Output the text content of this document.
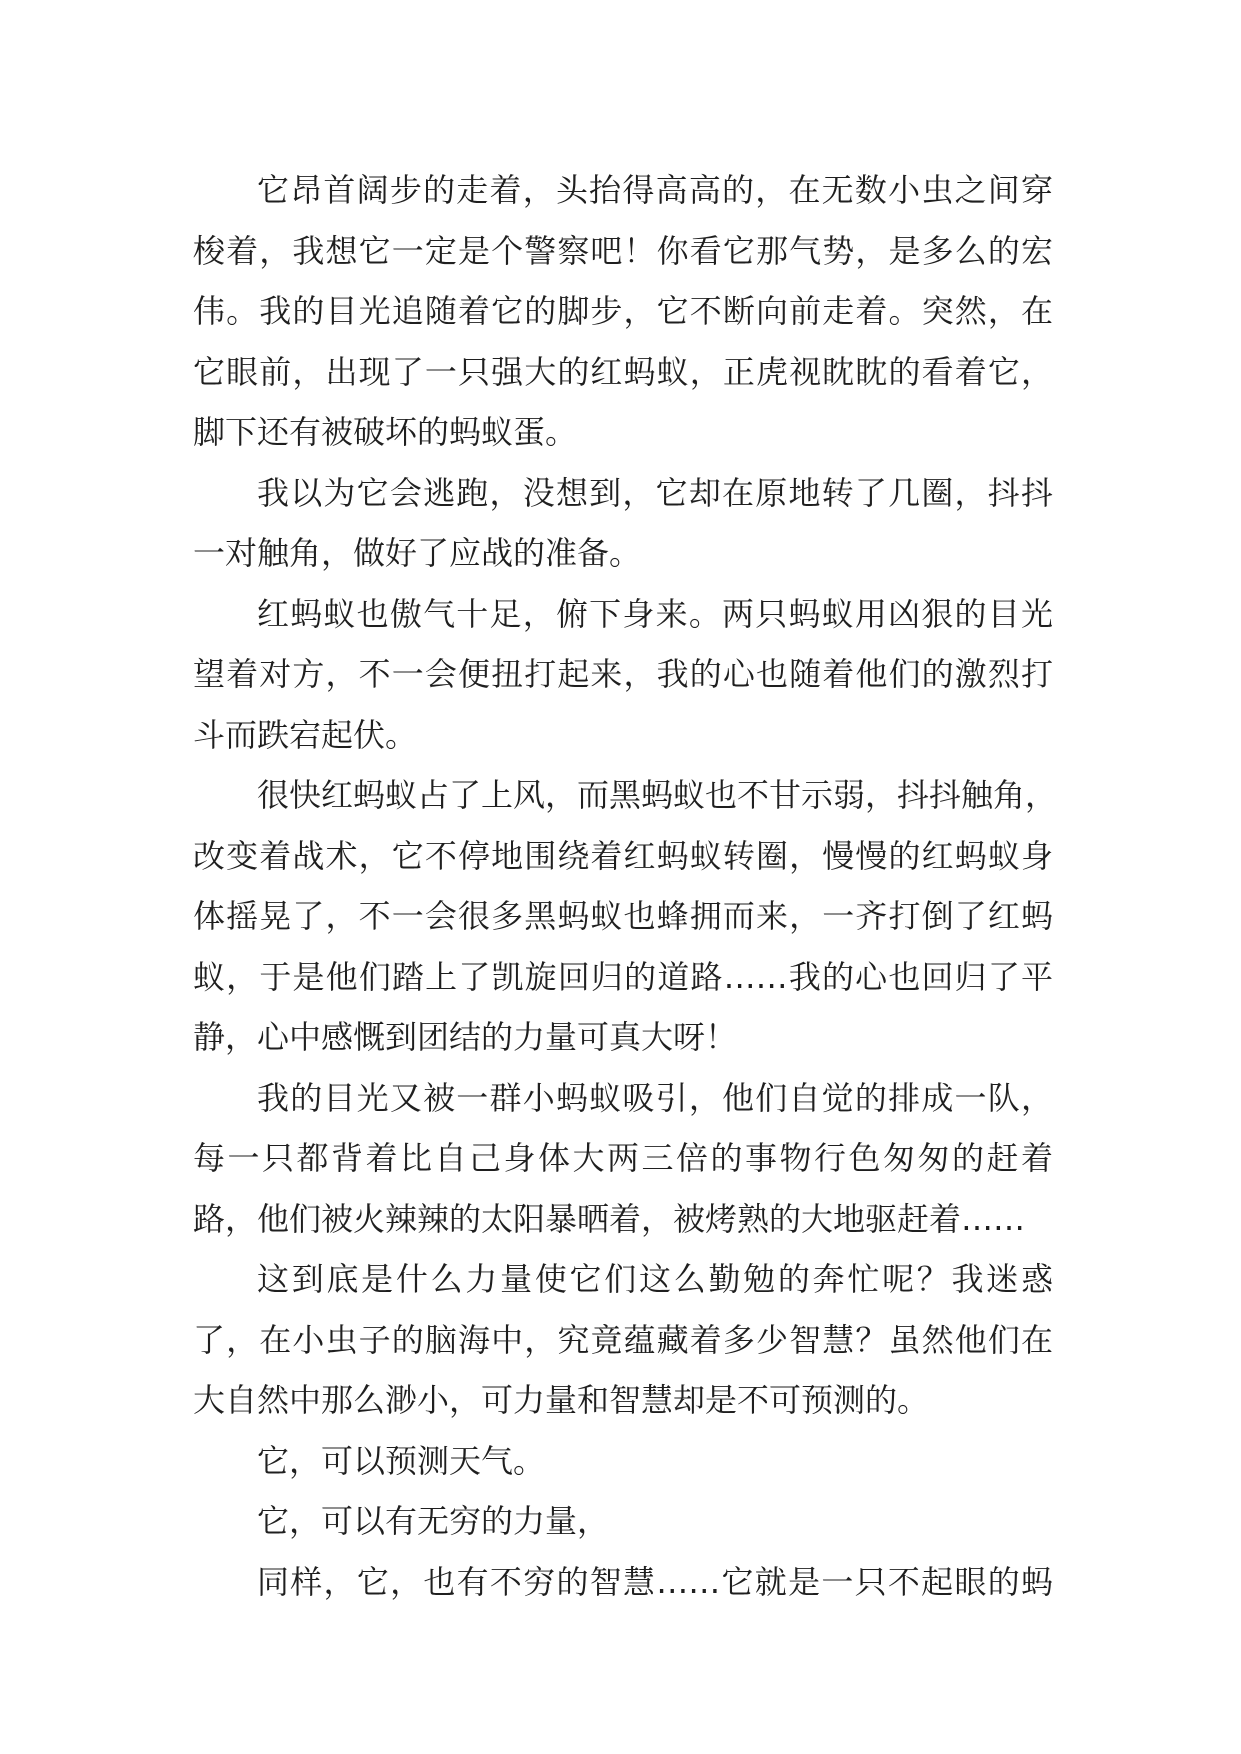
它昂首阔步的走着，头抬得高高的，在无数小虫之间穿
梭着，我想它一定是个警察吧！你看它那气势，是多么的宏
伟。我的目光追随着它的脚步，它不断向前走着。突然，在
它眼前，出现了一只强大的红蚂蚁，正虎视眈眈的看着它，
脚下还有被破坏的蚂蚁蛋。

我以为它会逃跑，没想到，它却在原地转了几圈，抖抖
一对触角，做好了应战的准备。

红蚂蚁也傲气十足，俯下身来。两只蚂蚁用凶狠的目光
望着对方，不一会便扭打起来，我的心也随着他们的激烈打
斗而跌宕起伏。

很快红蚂蚁占了上风，而黑蚂蚁也不甘示弱，抖抖触角，
改变着战术，它不停地围绕着红蚂蚁转圈，慢慢的红蚂蚁身
体摇晃了，不一会很多黑蚂蚁也蜂拥而来，一齐打倒了红蚂
蚁，于是他们踏上了凯旋回归的道路……我的心也回归了平
静，心中感慨到团结的力量可真大呀！

我的目光又被一群小蚂蚁吸引，他们自觉的排成一队，
每一只都背着比自己身体大两三倍的事物行色匆匆的赶着
路，他们被火辣辣的太阳暴晒着，被烤熟的大地驱赶着……

这到底是什么力量使它们这么勤勉的奔忙呢？我迷惑
了，在小虫子的脑海中，究竟蕴藏着多少智慧？虽然他们在
大自然中那么渺小，可力量和智慧却是不可预测的。

它，可以预测天气。

它，可以有无穷的力量，

同样，它，也有不穷的智慧……它就是一只不起眼的蚂
